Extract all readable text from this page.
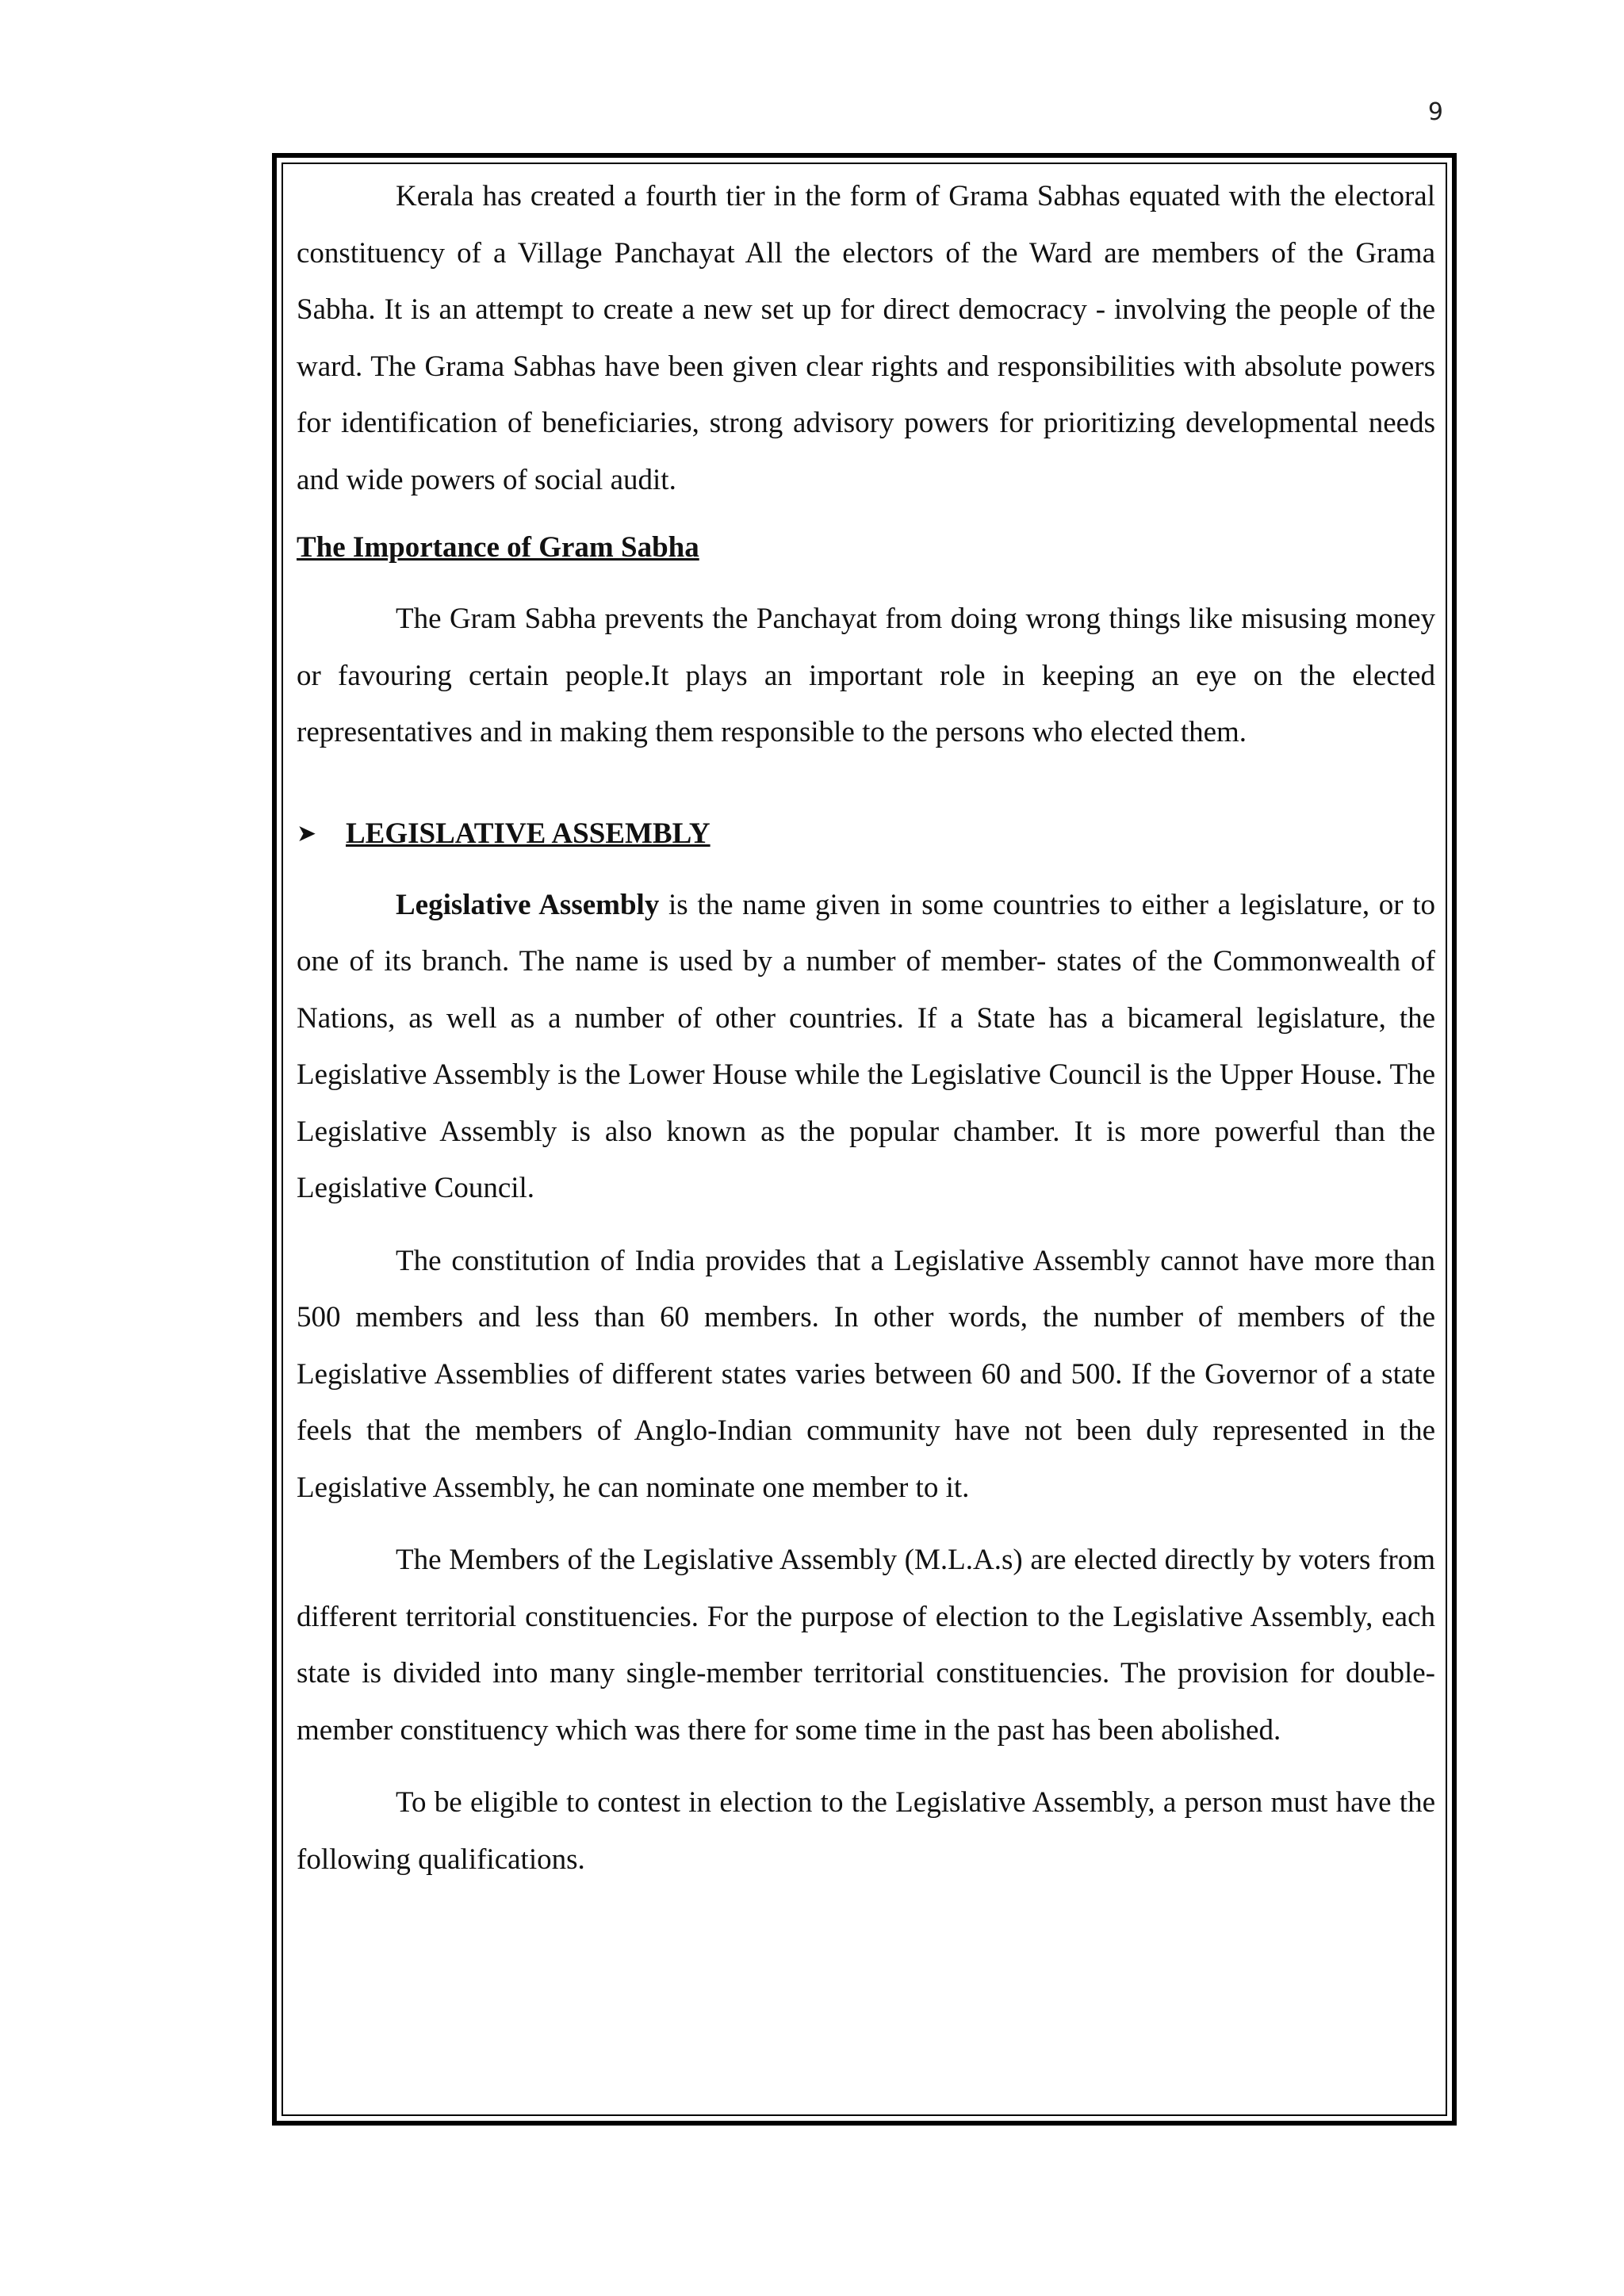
9

Kerala has created a fourth tier in the form of Grama Sabhas equated with the electoral constituency of a Village Panchayat All the electors of the Ward are members of the Grama Sabha. It is an attempt to create a new set up for direct democracy - involving the people of the ward. The Grama Sabhas have been given clear rights and responsibilities with absolute powers for identification of beneficiaries, strong advisory powers for prioritizing developmental needs and wide powers of social audit.

The Importance of Gram Sabha

The Gram Sabha prevents the Panchayat from doing wrong things like misusing money or favouring certain people.It plays an important role in keeping an eye on the elected representatives and in making them responsible to the persons who elected them.

➤ LEGISLATIVE ASSEMBLY

Legislative Assembly is the name given in some countries to either a legislature, or to one of its branch. The name is used by a number of member- states of the Commonwealth of Nations, as well as a number of other countries. If a State has a bicameral legislature, the Legislative Assembly is the Lower House while the Legislative Council is the Upper House. The Legislative Assembly is also known as the popular chamber. It is more powerful than the Legislative Council.

The constitution of India provides that a Legislative Assembly cannot have more than 500 members and less than 60 members. In other words, the number of members of the Legislative Assemblies of different states varies between 60 and 500. If the Governor of a state feels that the members of Anglo-Indian community have not been duly represented in the Legislative Assembly, he can nominate one member to it.

The Members of the Legislative Assembly (M.L.A.s) are elected directly by voters from different territorial constituencies. For the purpose of election to the Legislative Assembly, each state is divided into many single-member territorial constituencies. The provision for double-member constituency which was there for some time in the past has been abolished.

To be eligible to contest in election to the Legislative Assembly, a person must have the following qualifications.
